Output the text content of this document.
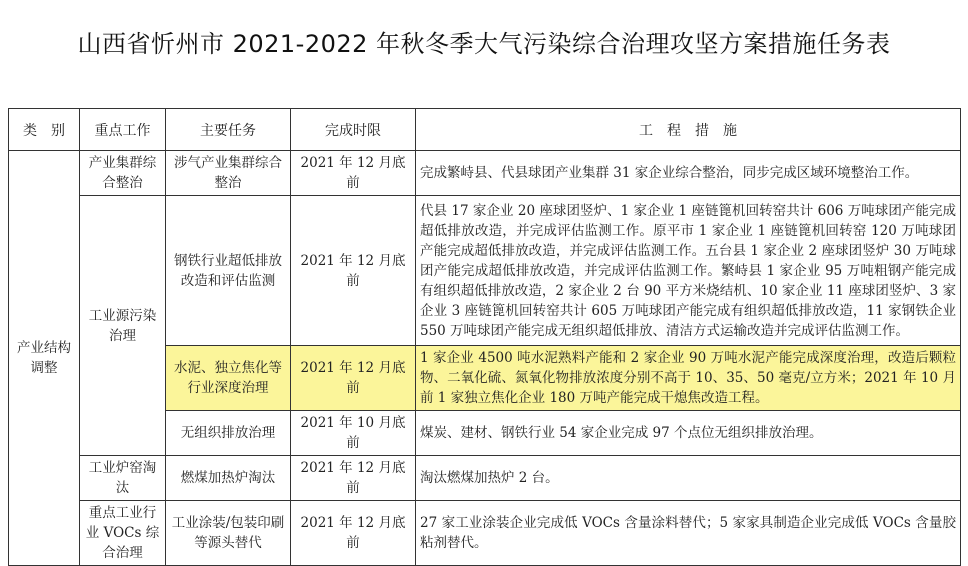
山西省忻州市 2021-2022 年秋冬季大气污染综合治理攻坚方案措施任务表
类　别	重点工作	主要任务	完成时限	工　程　措　施
产业结构调整	产业集群综合整治	涉气产业集群综合整治	2021 年 12 月底前	完成繁峙县、代县球团产业集群 31 家企业综合整治，同步完成区域环境整治工作。
	工业源污染治理	钢铁行业超低排放改造和评估监测	2021 年 12 月底前	代县 17 家企业 20 座球团竖炉、1 家企业 1 座链篦机回转窑共计 606 万吨球团产能完成超低排放改造，并完成评估监测工作。原平市 1 家企业 1 座链篦机回转窑 120 万吨球团产能完成超低排放改造，并完成评估监测工作。五台县 1 家企业 2 座球团竖炉 30 万吨球团产能完成超低排放改造，并完成评估监测工作。繁峙县 1 家企业 95 万吨粗钢产能完成有组织超低排放改造，2 家企业 2 台 90 平方米烧结机、10 家企业 11 座球团竖炉、3 家企业 3 座链篦机回转窑共计 605 万吨球团产能完成有组织超低排放改造，11 家钢铁企业 550 万吨球团产能完成无组织超低排放、清洁方式运输改造并完成评估监测工作。
		水泥、独立焦化等行业深度治理	2021 年 12 月底前	1 家企业 4500 吨水泥熟料产能和 2 家企业 90 万吨水泥产能完成深度治理，改造后颗粒物、二氧化硫、氮氧化物排放浓度分别不高于 10、35、50 毫克/立方米；2021 年 10 月前 1 家独立焦化企业 180 万吨产能完成干熄焦改造工程。
		无组织排放治理	2021 年 10 月底前	煤炭、建材、钢铁行业 54 家企业完成 97 个点位无组织排放治理。
	工业炉窑淘汰	燃煤加热炉淘汰	2021 年 12 月底前	淘汰燃煤加热炉 2 台。
	重点工业行业 VOCs 综合治理	工业涂装/包装印刷等源头替代	2021 年 12 月底前	27 家工业涂装企业完成低 VOCs 含量涂料替代；5 家家具制造企业完成低 VOCs 含量胶粘剂替代。
